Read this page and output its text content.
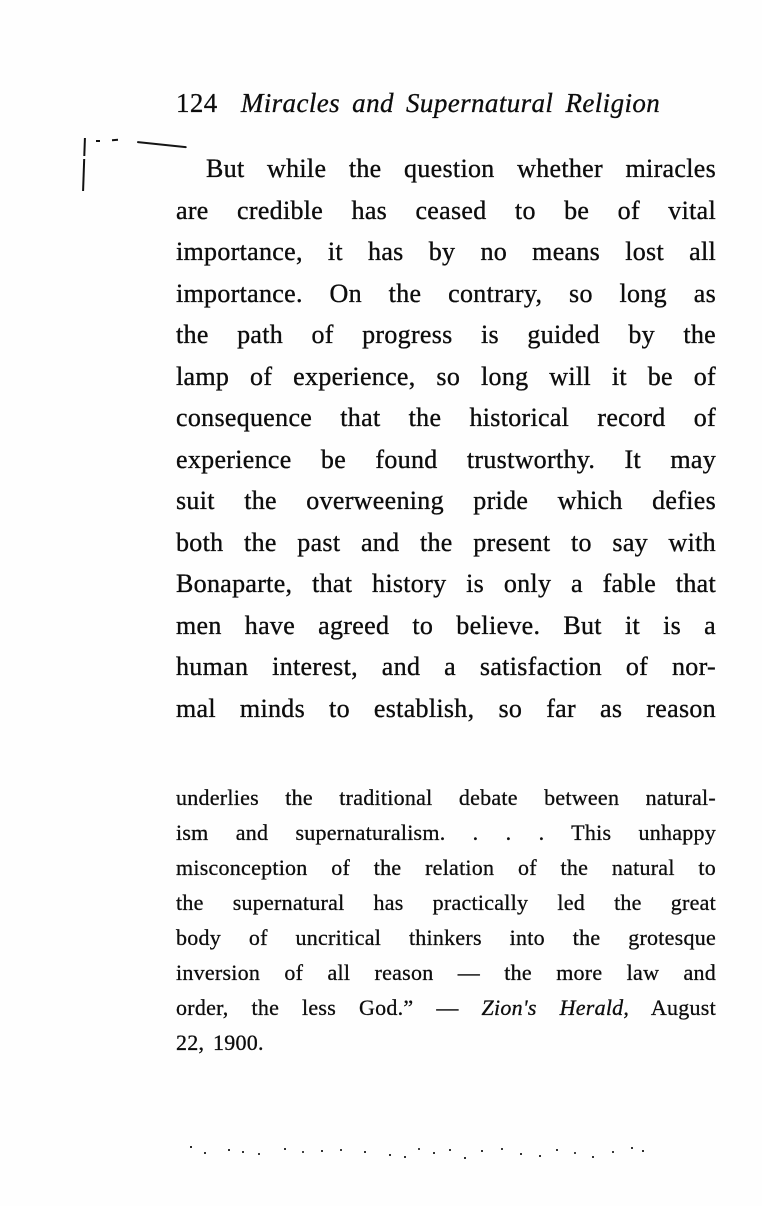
124 Miracles and Supernatural Religion
But while the question whether miracles
are credible has ceased to be of vital
importance, it has by no means lost all
importance. On the contrary, so long as
the path of progress is guided by the
lamp of experience, so long will it be of
consequence that the historical record of
experience be found trustworthy. It may
suit the overweening pride which defies
both the past and the present to say with
Bonaparte, that history is only a fable that
men have agreed to believe. But it is a
human interest, and a satisfaction of nor-
mal minds to establish, so far as reason
underlies the traditional debate between natural-
ism and supernaturalism. . . . This unhappy
misconception of the relation of the natural to
the supernatural has practically led the great
body of uncritical thinkers into the grotesque
inversion of all reason — the more law and
order, the less God.” — Zion's Herald, August
22, 1900.
